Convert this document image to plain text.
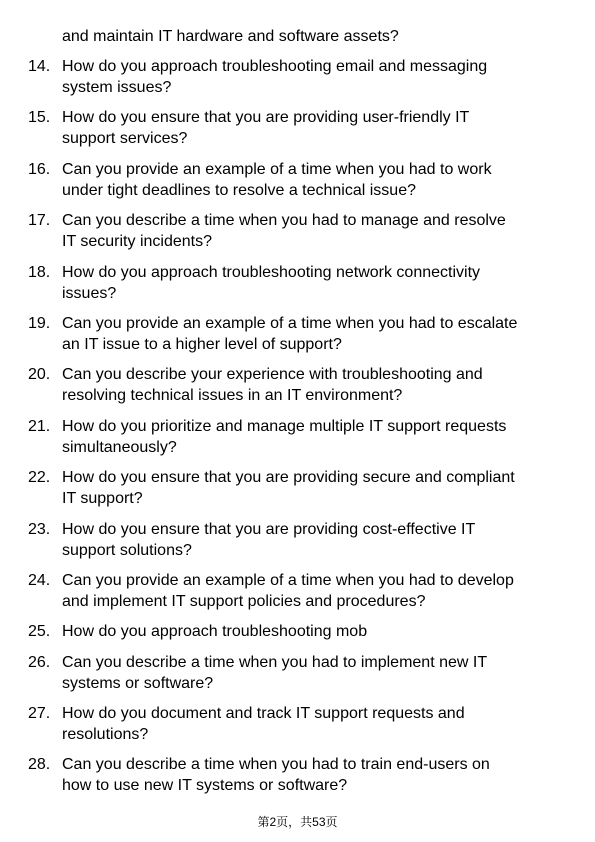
and maintain IT hardware and software assets?
14. How do you approach troubleshooting email and messaging
system issues?
15. How do you ensure that you are providing user-friendly IT
support services?
16. Can you provide an example of a time when you had to work
under tight deadlines to resolve a technical issue?
17. Can you describe a time when you had to manage and resolve
IT security incidents?
18. How do you approach troubleshooting network connectivity
issues?
19. Can you provide an example of a time when you had to escalate
an IT issue to a higher level of support?
20. Can you describe your experience with troubleshooting and
resolving technical issues in an IT environment?
21. How do you prioritize and manage multiple IT support requests
simultaneously?
22. How do you ensure that you are providing secure and compliant
IT support?
23. How do you ensure that you are providing cost-effective IT
support solutions?
24. Can you provide an example of a time when you had to develop
and implement IT support policies and procedures?
25. How do you approach troubleshooting mob
26. Can you describe a time when you had to implement new IT
systems or software?
27. How do you document and track IT support requests and
resolutions?
28. Can you describe a time when you had to train end-users on
how to use new IT systems or software?
第2页，共53页
